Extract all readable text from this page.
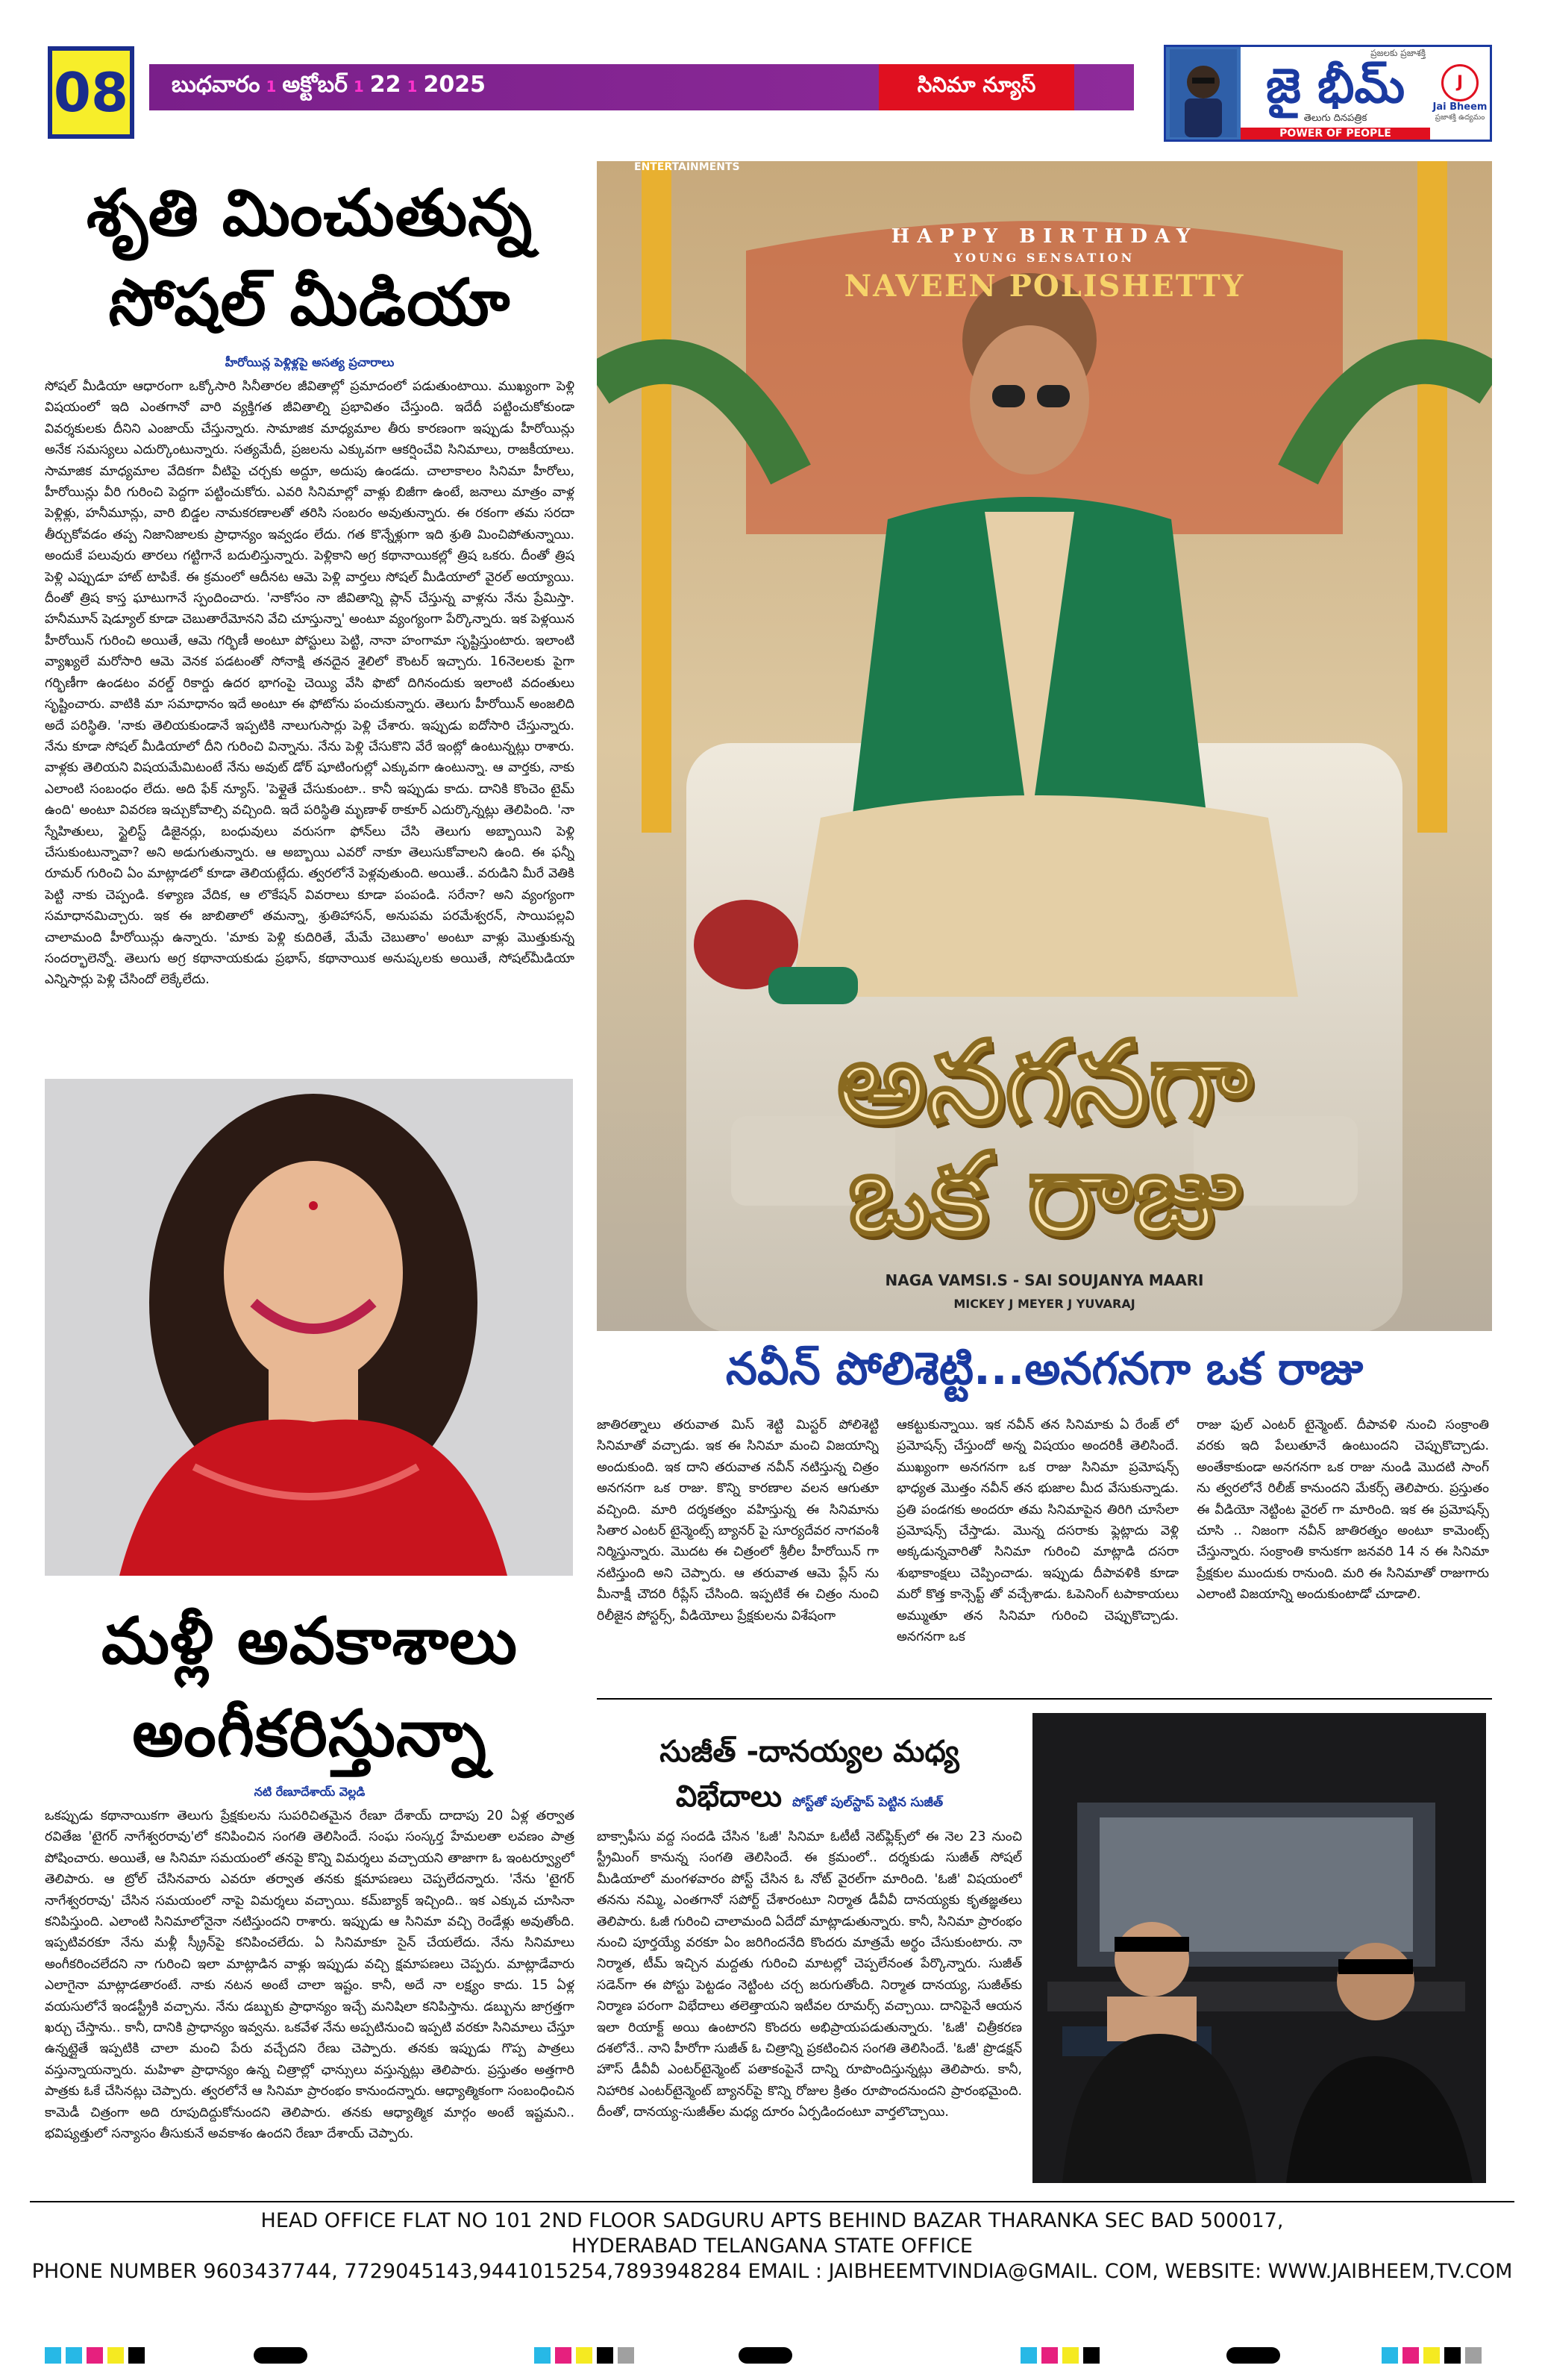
08	బుధవారం 1 అక్టోబర్ 1 22 1 2025	సినిమా న్యూస్
ప్రజలకు ప్రజాశక్తి
జై భీమ్
తెలుగు దినపత్రిక
POWER OF PEOPLE
J
Jai Bheem
ప్రజాశక్తి ఉద్యమం
శృతి మించుతున్న
సోషల్ మీడియా
హీరోయిన్ల పెళ్లిళ్లపై అసత్య ప్రచారాలు
సోషల్ మీడియా ఆధారంగా ఒక్కోసారి సినీతారల జీవితాల్లో ప్రమాదంలో పడుతుంటాయి. ముఖ్యంగా పెళ్లి విషయంలో ఇది ఎంతగానో వారి వ్యక్తిగత జీవితాల్ని ప్రభావితం చేస్తుంది. ఇదేదీ పట్టించుకోకుండా వివర్శకులకు దీనిని ఎంజాయ్ చేస్తున్నారు. సామాజిక మాధ్యమాల తీరు కారణంగా ఇప్పుడు హీరోయిన్లు అనేక సమస్యలు ఎదుర్కొంటున్నారు. సత్యమేదీ, ప్రజలను ఎక్కువగా ఆకర్షించేవి సినిమాలు, రాజకీయాలు. సామాజిక మాధ్యమాల వేదికగా వీటిపై చర్చకు అద్దూ, అదుపు ఉండదు. చాలాకాలం సినిమా హీరోలు, హీరోయిన్లు వీరి గురించి పెద్దగా పట్టించుకోరు. ఎవరి సినిమాల్లో వాళ్లు బిజీగా ఉంటే, జనాలు మాత్రం వాళ్ల పెళ్లిళ్లు, హనీమూన్లు, వారి బిడ్డల నామకరణాలతో తరిసి సంబరం అవుతున్నారు. ఈ రకంగా తమ సరదా తీర్చుకోవడం తప్ప నిజానిజాలకు ప్రాధాన్యం ఇవ్వడం లేదు. గత కొన్నేళ్లుగా ఇది శ్రుతి మించిపోతున్నాయి. అందుకే పలువురు తారలు గట్టిగానే బదులిస్తున్నారు. పెళ్లికాని అగ్ర కథానాయికల్లో త్రిష ఒకరు. దీంతో త్రిష పెళ్లి ఎప్పుడూ హాట్ టాపికే. ఈ క్రమంలో ఆదీనట ఆమె పెళ్లి వార్తలు సోషల్ మీడియాలో వైరల్ అయ్యాయి. దీంతో త్రిష కాస్త ఘాటుగానే స్పందించారు. 'నాకోసం నా జీవితాన్ని ప్లాన్ చేస్తున్న వాళ్లను నేను ప్రేమిస్తా. హనీమూన్ షెడ్యూల్ కూడా చెబుతారేమోనని వేచి చూస్తున్నా' అంటూ వ్యంగ్యంగా పేర్కొన్నారు. ఇక పెళ్లయిన హీరోయిన్ గురించి అయితే, ఆమె గర్భిణీ అంటూ పోస్టులు పెట్టి, నానా హంగామా సృష్టిస్తుంటారు. ఇలాంటి వ్యాఖ్యలే మరోసారి ఆమె వెనక పడటంతో సోనాక్షి తనదైన శైలిలో కౌంటర్ ఇచ్చారు. 16నెలలకు పైగా గర్భిణీగా ఉండటం వరల్డ్ రికార్డు ఉదర భాగంపై చెయ్యి వేసి ఫొటో దిగినందుకు ఇలాంటి వదంతులు సృష్టించారు. వాటికి మా సమాధానం ఇదే అంటూ ఈ ఫోటోను పంచుకున్నారు. తెలుగు హీరోయిన్ అంజలిది అదే పరిస్థితి. 'నాకు తెలియకుండానే ఇప్పటికి నాలుగుసార్లు పెళ్లి చేశారు. ఇప్పుడు ఐదోసారి చేస్తున్నారు. నేను కూడా సోషల్ మీడియాలో దీని గురించి విన్నాను. నేను పెళ్లి చేసుకొని వేరే ఇంట్లో ఉంటున్నట్లు రాశారు. వాళ్లకు తెలియని విషయమేమిటంటే నేను అవుట్ డోర్ షూటింగుల్లో ఎక్కువగా ఉంటున్నా. ఆ వార్తకు, నాకు ఎలాంటి సంబంధం లేదు. అది ఫేక్ న్యూస్. 'పెళ్లైతే చేసుకుంటా.. కానీ ఇప్పుడు కాదు. దానికి కొంచెం టైమ్ ఉంది' అంటూ వివరణ ఇచ్చుకోవాల్సి వచ్చింది. ఇదే పరిస్థితి మృణాళ్ ఠాకూర్ ఎదుర్కొన్నట్లు తెలిపింది. 'నా స్నేహితులు, స్టైలిస్ట్ డిజైనర్లు, బంధువులు వరుసగా ఫోన్‌లు చేసి తెలుగు అబ్బాయిని పెళ్లి చేసుకుంటున్నావా? అని అడుగుతున్నారు. ఆ అబ్బాయి ఎవరో నాకూ తెలుసుకోవాలని ఉంది. ఈ ఫన్నీ రూమర్ గురించి ఏం మాట్లాడలో కూడా తెలియట్లేదు. త్వరలోనే పెళ్లవుతుంది. అయితే.. వరుడిని మీరే వెతికి పెట్టి నాకు చెప్పండి. కళ్యాణ వేదిక, ఆ లొకేషన్ వివరాలు కూడా పంపండి. సరేనా? అని వ్యంగ్యంగా సమాధానమిచ్చారు. ఇక ఈ జాబితాలో తమన్నా, శ్రుతిహాసన్, అనుపమ పరమేశ్వరన్, సాయిపల్లవి చాలామంది హీరోయిన్లు ఉన్నారు. 'మాకు పెళ్లి కుదిరితే, మేమే చెబుతాం' అంటూ వాళ్లు మొత్తుకున్న సందర్భాలెన్నో. తెలుగు అగ్ర కథానాయకుడు ప్రభాస్, కథానాయిక అనుష్కలకు అయితే, సోషల్‌మీడియా ఎన్నిసార్లు పెళ్లి చేసిందో లెక్కేలేదు.
మళ్లీ అవకాశాలు
అంగీకరిస్తున్నా
నటి రేణూదేశాయ్ వెల్లడి
ఒకప్పుడు కథానాయికగా తెలుగు ప్రేక్షకులను సుపరిచితమైన రేణూ దేశాయ్ దాదాపు 20 ఏళ్ల తర్వాత రవితేజ 'టైగర్ నాగేశ్వరరావు'లో కనిపించిన సంగతి తెలిసిందే. సంఘ సంస్కర్త హేమలతా లవణం పాత్ర పోషించారు. అయితే, ఆ సినిమా సమయంలో తనపై కొన్ని విమర్శలు వచ్చాయని తాజాగా ఓ ఇంటర్వ్యూలో తెలిపారు. ఆ ట్రోల్ చేసినవారు ఎవరూ తర్వాత తనకు క్షమాపణలు చెప్పలేదన్నారు. 'నేను 'టైగర్ నాగేశ్వరరావు' చేసిన సమయంలో నాపై విమర్శలు వచ్చాయి. కమ్‌బ్యాక్ ఇచ్చింది.. ఇక ఎక్కువ చూసినా కనిపిస్తుంది. ఎలాంటి సినిమాలోనైనా నటిస్తుందని రాశారు. ఇప్పుడు ఆ సినిమా వచ్చి రెండేళ్లు అవుతోంది. ఇప్పటివరకూ నేను మళ్లీ స్క్రీన్‌పై కనిపించలేదు. ఏ సినిమాకూ సైన్ చేయలేదు. నేను సినిమాలు అంగీకరించలేదని నా గురించి ఇలా మాట్లాడిన వాళ్లు ఇప్పుడు వచ్చి క్షమాపణలు చెప్పరు. మాట్లాడేవారు ఎలాగైనా మాట్లాడతారంటే. నాకు నటన అంటే చాలా ఇష్టం. కానీ, అదే నా లక్ష్యం కాదు. 15 ఏళ్ల వయసులోనే ఇండస్ట్రీకి వచ్చాను. నేను డబ్బుకు ప్రాధాన్యం ఇచ్చే మనిషిలా కనిపిస్తాను. డబ్బును జాగ్రత్తగా ఖర్చు చేస్తాను.. కానీ, దానికి ప్రాధాన్యం ఇవ్వను. ఒకవేళ నేను అప్పటినుంచి ఇప్పటి వరకూ సినిమాలు చేస్తూ ఉన్నట్లైతే ఇప్పటికి చాలా మంచి పేరు వచ్చేదని రేణు చెప్పారు. తనకు ఇప్పుడు గొప్ప పాత్రలు వస్తున్నాయన్నారు. మహిళా ప్రాధాన్యం ఉన్న చిత్రాల్లో ఛాన్సులు వస్తున్నట్లు తెలిపారు. ప్రస్తుతం అత్తగారి పాత్రకు ఓకే చేసినట్లు చెప్పారు. త్వరలోనే ఆ సినిమా ప్రారంభం కానుందన్నారు. ఆధ్యాత్మికంగా సంబంధించిన కామెడీ చిత్రంగా అది రూపుదిద్దుకోనుందని తెలిపారు. తనకు ఆధ్యాత్మిక మార్గం అంటే ఇష్టమని.. భవిష్యత్తులో సన్యాసం తీసుకునే అవకాశం ఉందని రేణూ దేశాయ్ చెప్పారు.
ENTERTAINMENTS
HAPPY BIRTHDAY
YOUNG SENSATION
NAVEEN POLISHETTY
అనగనగా
ఒక రాజు
NAGA VAMSI.S - SAI SOUJANYA MAARI
MICKEY J MEYER J YUVARAJ
నవీన్ పోలిశెట్టి...అనగనగా ఒక రాజు
జాతిరత్నాలు తరువాత మిస్ శెట్టి మిస్టర్ పోలిశెట్టి సినిమాతో వచ్చాడు. ఇక ఈ సినిమా మంచి విజయాన్ని అందుకుంది. ఇక దాని తరువాత నవీన్ నటిస్తున్న చిత్రం అనగనగా ఒక రాజు. కొన్ని కారణాల వలన ఆగుతూ వచ్చింది. మారి దర్శకత్వం వహిస్తున్న ఈ సినిమాను సితార ఎంటర్ టైన్మెంట్స్ బ్యానర్ పై సూర్యదేవర నాగవంశీ నిర్మిస్తున్నారు. మొదట ఈ చిత్రంలో శ్రీలీల హీరోయిన్ గా నటిస్తుంది అని చెప్పారు. ఆ తరువాత ఆమె ప్లేస్ ను మీనాక్షీ చౌదరి రీప్లేస్ చేసింది. ఇప్పటికే ఈ చిత్రం నుంచి రిలీజైన పోస్టర్స్, వీడియోలు ప్రేక్షకులను విశేషంగా
ఆకట్టుకున్నాయి. ఇక నవీన్ తన సినిమాకు ఏ రేంజ్ లో ప్రమోషన్స్ చేస్తుందో అన్న విషయం అందరికీ తెలిసిందే. ముఖ్యంగా అనగనగా ఒక రాజు సినిమా ప్రమోషన్స్ భాధ్యత మొత్తం నవీన్ తన భుజాల మీద వేసుకున్నాడు. ప్రతి పండగకు అందరూ తమ సినిమాపైన తిరిగి చూసేలా ప్రమోషన్స్ చేస్తాడు. మొన్న దసరాకు ఫ్లెట్లాదు వెళ్లి అక్కడున్నవారితో సినిమా గురించి మాట్లాడి దసరా శుభాకాంక్షలు చెప్పించాడు. ఇప్పుడు దీపావళికి కూడా మరో కొత్త కాన్సెప్ట్ తో వచ్చేశాడు. ఓపెనింగ్ టపాకాయలు అమ్ముతూ తన సినిమా గురించి చెప్పుకొచ్చాడు. అనగనగా ఒక
రాజు ఫుల్ ఎంటర్ టైన్మెంట్. దీపావళి నుంచి సంక్రాంతి వరకు ఇది పేలుతూనే ఉంటుందని చెప్పుకొచ్చాడు. అంతేకాకుండా అనగనగా ఒక రాజు నుండి మొదటి సాంగ్ ను త్వరలోనే రిలీజ్ కానుందని మేకర్స్ తెలిపారు. ప్రస్తుతం ఈ వీడియో నెట్టింట వైరల్ గా మారింది. ఇక ఈ ప్రమోషన్స్ చూసి .. నిజంగా నవీన్ జాతిరత్నం అంటూ కామెంట్స్ చేస్తున్నారు. సంక్రాంతి కానుకగా జనవరి 14 న ఈ సినిమా ప్రేక్షకుల ముందుకు రానుంది. మరి ఈ సినిమాతో రాజుగారు ఎలాంటి విజయాన్ని అందుకుంటాడో చూడాలి.
సుజీత్ -దానయ్యల మధ్య
విభేదాలు పోస్ట్‌తో పుల్‌స్టాప్ పెట్టిన సుజీత్
బాక్సాఫీసు వద్ద సందడి చేసిన 'ఓజీ' సినిమా ఓటీటీ నెట్‌ఫ్లిక్స్‌లో ఈ నెల 23 నుంచి స్ట్రీమింగ్ కానున్న సంగతి తెలిసిందే. ఈ క్రమంలో.. దర్శకుడు సుజీత్ సోషల్ మీడియాలో మంగళవారం పోస్ట్ చేసిన ఓ నోట్ వైరల్‌గా మారింది. 'ఓజీ' విషయంలో తనను నమ్మి, ఎంతగానో సపోర్ట్ చేశారంటూ నిర్మాత డీవీవీ దానయ్యకు కృతజ్ఞతలు తెలిపారు. ఓజీ గురించి చాలామంది ఏదేదో మాట్లాడుతున్నారు. కానీ, సినిమా ప్రారంభం నుంచి పూర్తయ్యే వరకూ ఏం జరిగిందనేది కొందరు మాత్రమే అర్థం చేసుకుంటారు. నా నిర్మాత, టీమ్ ఇచ్చిన మద్దతు గురించి మాటల్లో చెప్పలేనంత పేర్కొన్నారు. సుజీత్ సడెన్‌గా ఈ పోస్టు పెట్టడం నెట్టింట చర్చ జరుగుతోంది. నిర్మాత దానయ్య, సుజీత్‌కు నిర్మాణ పరంగా విభేదాలు తలెత్తాయని ఇటీవల రూమర్స్ వచ్చాయి. దానిపైనే ఆయన ఇలా రియాక్ట్ అయి ఉంటారని కొందరు అభిప్రాయపడుతున్నారు. 'ఓజీ' చిత్రీకరణ దశలోనే.. నాని హీరోగా సుజీత్ ఓ చిత్రాన్ని ప్రకటించిన సంగతి తెలిసిందే. 'ఓజీ' ప్రొడక్షన్ హౌస్ డీవీవీ ఎంటర్‌టైన్మెంట్ పతాకంపైనే దాన్ని రూపొందిస్తున్నట్లు తెలిపారు. కానీ, నిహారిక ఎంటర్‌టైన్మెంట్ బ్యానర్‌పై కొన్ని రోజుల క్రితం రూపొందనుందని ప్రారంభమైంది. దీంతో, దానయ్య-సుజీత్‌ల మధ్య దూరం ఏర్పడిందంటూ వార్తలొచ్చాయి.
HEAD OFFICE FLAT NO 101 2ND FLOOR SADGURU APTS BEHIND BAZAR THARANKA SEC BAD 500017,
HYDERABAD TELANGANA STATE OFFICE
PHONE NUMBER 9603437744, 7729045143,9441015254,7893948284 EMAIL : JAIBHEEMTVINDIA@GMAIL. COM, WEBSITE: WWW.JAIBHEEM,TV.COM
